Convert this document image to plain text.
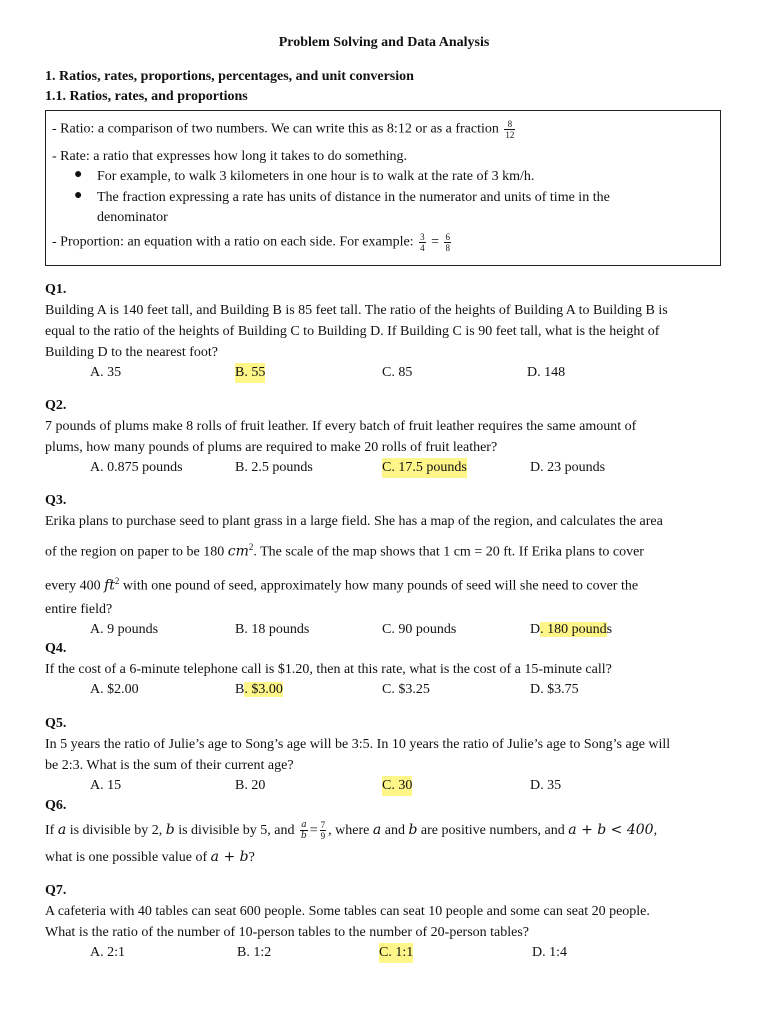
Problem Solving and Data Analysis
1. Ratios, rates, proportions, percentages, and unit conversion
1.1. Ratios, rates, and proportions
- Ratio: a comparison of two numbers. We can write this as 8:12 or as a fraction $\frac{8}{12}$
- Rate: a ratio that expresses how long it takes to do something.
● For example, to walk 3 kilometers in one hour is to walk at the rate of 3 km/h.
● The fraction expressing a rate has units of distance in the numerator and units of time in the
denominator
- Proportion: an equation with a ratio on each side. For example: $\frac{3}{4} = \frac{6}{8}$
Q1.
Building A is 140 feet tall, and Building B is 85 feet tall. The ratio of the heights of Building A to Building B is
equal to the ratio of the heights of Building C to Building D. If Building C is 90 feet tall, what is the height of
Building D to the nearest foot?
A. 35	B. 55	C. 85	D. 148
Q2.
7 pounds of plums make 8 rolls of fruit leather. If every batch of fruit leather requires the same amount of
plums, how many pounds of plums are required to make 20 rolls of fruit leather?
A. 0.875 pounds	B. 2.5 pounds	C. 17.5 pounds	D. 23 pounds
Q3.
Erika plans to purchase seed to plant grass in a large field. She has a map of the region, and calculates the area
of the region on paper to be 180 $cm^2$. The scale of the map shows that 1 cm = 20 ft. If Erika plans to cover
every 400 $ft^2$ with one pound of seed, approximately how many pounds of seed will she need to cover the
entire field?
A. 9 pounds	B. 18 pounds	C. 90 pounds	D. 180 pounds
Q4.
If the cost of a 6-minute telephone call is $1.20, then at this rate, what is the cost of a 15-minute call?
A. $2.00	B. $3.00	C. $3.25	D. $3.75
Q5.
In 5 years the ratio of Julie’s age to Song’s age will be 3:5. In 10 years the ratio of Julie’s age to Song’s age will
be 2:3. What is the sum of their current age?
A. 15	B. 20	C. 30	D. 35
Q6.
If a is divisible by 2, b is divisible by 5, and $\frac{a}{b} = \frac{7}{9}$ , where a and b are positive numbers, and a + b < 400,
what is one possible value of a + b?
Q7.
A cafeteria with 40 tables can seat 600 people. Some tables can seat 10 people and some can seat 20 people.
What is the ratio of the number of 10-person tables to the number of 20-person tables?
A. 2:1	B. 1:2	C. 1:1	D. 1:4
